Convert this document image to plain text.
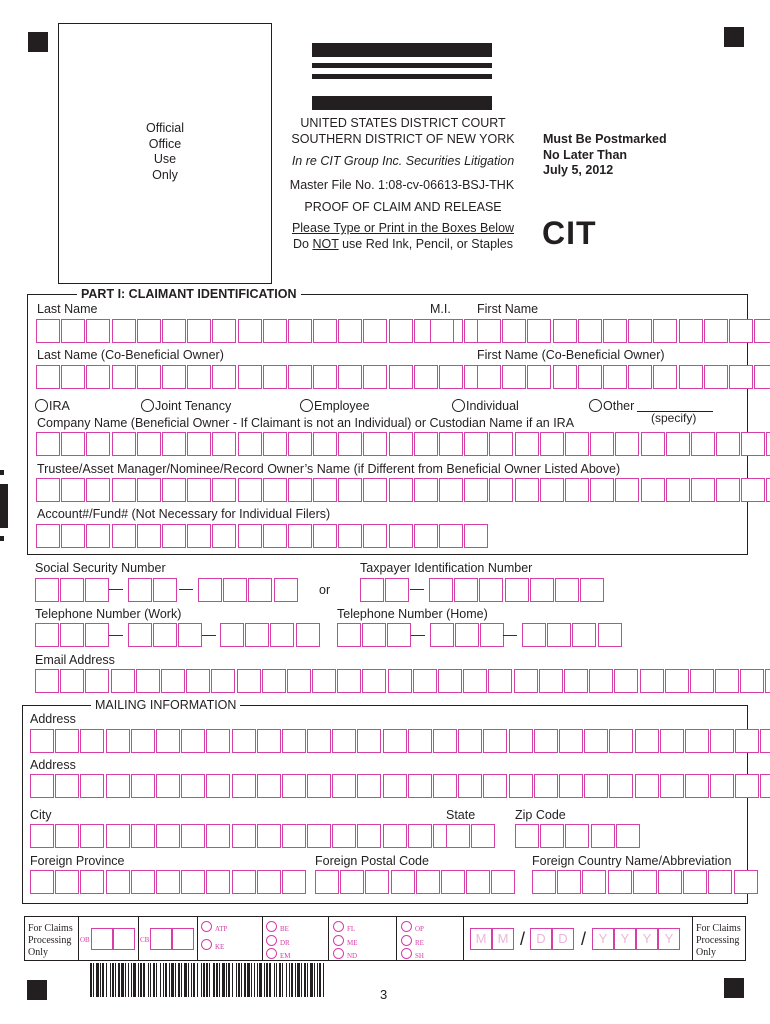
Official
Office
Use
Only
UNITED STATES DISTRICT COURT
SOUTHERN DISTRICT OF NEW YORK
In re CIT Group Inc. Securities Litigation
Master File No. 1:08-cv-06613-BSJ-THK
PROOF OF CLAIM AND RELEASE
Please Type or Print in the Boxes Below
Do NOT use Red Ink, Pencil, or Staples
Must Be Postmarked
No Later Than
July 5, 2012
CIT
PART I: CLAIMANT IDENTIFICATION
Last Name	M.I. First Name
Last Name (Co-Beneficial Owner)	First Name (Co-Beneficial Owner)
IRA	Joint Tenancy	Employee	Individual	Other
(specify)
Company Name (Beneficial Owner - If Claimant is not an Individual) or Custodian Name if an IRA
Trustee/Asset Manager/Nominee/Record Owner’s Name (if Different from Beneficial Owner Listed Above)
Account#/Fund# (Not Necessary for Individual Filers)
Social Security Number	Taxpayer Identification Number
—	—	or	—
Telephone Number (Work)	Telephone Number (Home)
—	—	—	—
Email Address
MAILING INFORMATION
Address
Address
City	State	Zip Code
Foreign Province	Foreign Postal Code	Foreign Country Name/Abbreviation
For Claims
Processing
Only
OB	CB
ATP
KE
BE
DR
EM
FL
ME
ND
OP
RE
SH
M M / D D / Y	Y	Y	Y
For Claims
Processing
Only
3
